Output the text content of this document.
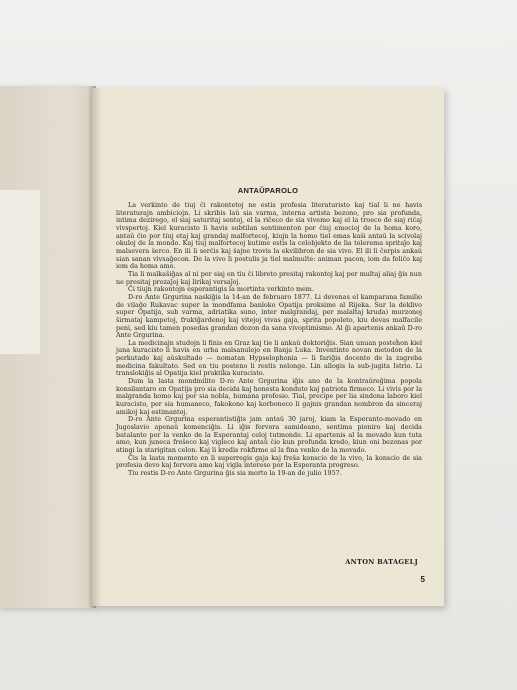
ANTAŬPAROLO

La verkinto de tiuj ĉi rakontetoj ne estis profesia literaturisto kaj tial li ne havis literaturajn ambiciojn. Li skribis laŭ sia varma, interna artista bezono, pro sia profunda, intima dezirego, el siaj saturitaj sentoj, el la riĉeco de sia vivemo kaj el la troeco de siaj riĉaj vivspertoj. Kiel kuracisto li havis subtilan sentimenton por ĉiuj emocioj de la homa koro, antaŭ ĉio por tiuj etaj kaj grandaj malfortecoj, kiujn la homo tiel emas kaŝi antaŭ la scivolaj okuloj de la mondo. Kaj tiuj malfortecoj kutime estis la celobjekto de lia tolerema spritaĵo kaj malsevera ŝerco. En ili li serĉis kaj ŝajne trovis la ekvilibron de sia vivo. El ili li ĉerpis ankaŭ sian sanan vivsaĝecon. De la vivo li postulis ja tiel malmulte: animan pacon, iom da feliĉo kaj iom da homa amo.

Tia li malkaŝiĝas al ni per siaj en tiu ĉi libreto presitaj rakontoj kaj per multaj aliaj ĝis nun ne presitaj prozaĵoj kaj lirikaj versaĵoj.

Ĉi tiujn rakontojn esperantigis la mortinta verkinto mem.

D-ro Ante Grgurina naskiĝis la 14-an de februaro 1877. Li devenas el kamparana familio de vilaĝo Rukavac super la mondfama banloko Opatija proksime al Rijeka. Sur la deklivo super Opatija, sub varma, adriatika suno, inter malgrandaj, per malaltaj kruda) murzonoj ŝirmataj kampetoj, fruktĝardenoj kaj vitejoj vivas gaja, sprita popoleto, kiu devas malfacile peni, sed kiu tamen posedas grandan dozon da sana vivoptimismo. Al ĝi apartenis ankaŭ D-ro Ante Grgurina.

La medicinajn studojn li finis en Graz kaj tie li ankaŭ doktoriĝis. Sian unuan posteĥon kiel juna kuracisto li havis en urba malsanulejo en Banja Luka. Inventinte novan metodon de la perkutado kaj aŭskultado — nomatan Hypselophonia — li fariĝis docento de la zagreba medicina fakultato. Sed en tiu posteno li restis nelonge. Lin allogis la sub-jugita Istrio. Li translokiĝis al Opatija kiel praktika kuracisto.

Dum la lasta mondmilito D-ro Ante Grgurina iĝis ano de la kontraŭreĝima popola konsilantaro en Opatija pro sia decida kaj honesta konduto kaj patriota firmeco. Li vivis por la malgranda homo kaj por sia nobla, humana profesio. Tial, precipe per lia sindona laboro kiel kuracisto, per sia humaneco, fakokono kaj korboneco li gajnis grandan nombron da sinceraj amikoj kaj estimantoj.

D-ro Ante Grgurina esperantistiĝis jam antaŭ 30 jaroj, kiam la Esperanto-movado en Jugoslavio apenaŭ komenciĝis. Li iĝis fervora samideano, sentima pioniro kaj decida batalanto por la venko de la Esperantaj celoj tutmonde. Li apartenis al la movado kun tuta amo, kun juneca freŝeco kaj vigleco kaj antaŭ ĉio kun profunda kredo, kiun oni bezonas por atingi la starigitan celon. Kaj li kredis rokfirme al la fina venko de la movado.

Ĉis la lasta momento en li superregis gaja kaj freŝa konscio de la vivo, la konscio de sia profesia devo kaj fervora amo kaj vigla intereso por la Esperanta progreso.

Tiu restis D-ro Ante Grgurina ĝis sia morto la 19-an de julio 1957.

ANTON BATAGELJ
5
